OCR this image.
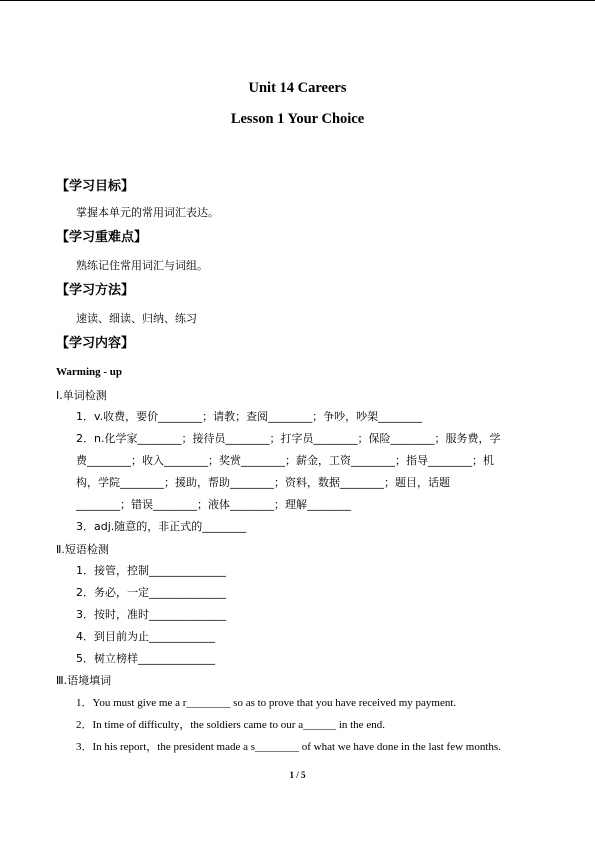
Unit 14 Careers
Lesson 1 Your Choice
【学习目标】
掌握本单元的常用词汇表达。
【学习重难点】
熟练记住常用词汇与词组。
【学习方法】
速读、细读、归纳、练习
【学习内容】
Warming - up
Ⅰ.单词检测
1．v.收费，要价________；请教；查阅________；争吵，吵架________
2．n.化学家________；接待员________；打字员________；保险________；服务费，学
费________；收入________；奖赏________；薪金，工资________；指导________；机
构，学院________；援助，帮助________；资料，数据________；题目，话题
________；错误________；液体________；理解________
3．adj.随意的，非正式的________
Ⅱ.短语检测
1．接管，控制______________
2．务必，一定______________
3．按时，准时______________
4．到目前为止____________
5．树立榜样______________
Ⅲ.语境填词
1．You must give me a r________ so as to prove that you have received my payment.
2．In time of difficulty，the soldiers came to our a______ in the end.
3．In his report，the president made a s________ of what we have done in the last few months.
1 / 5
